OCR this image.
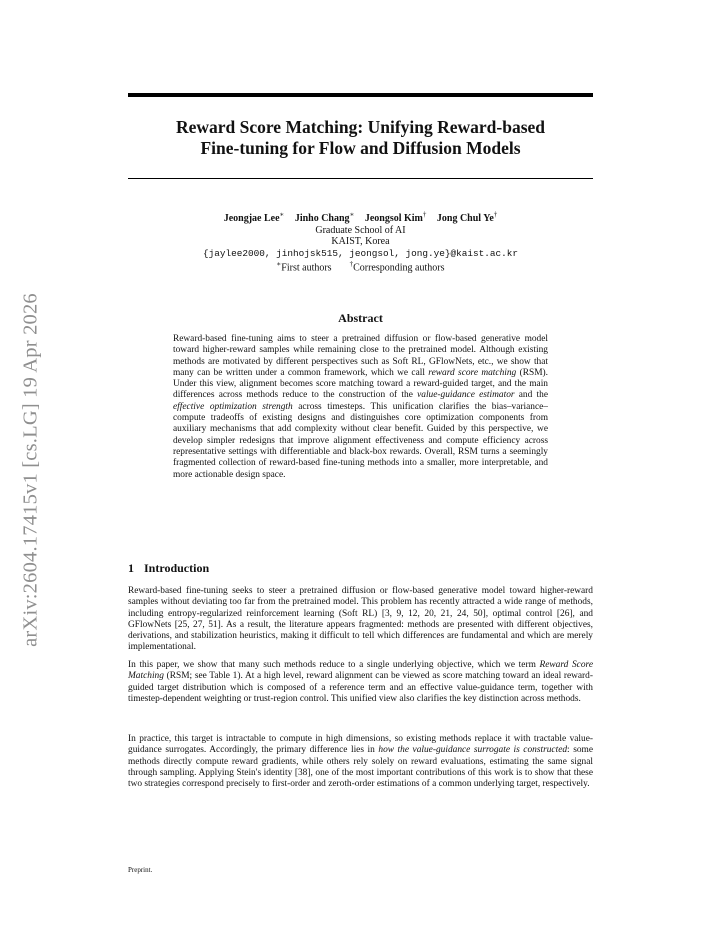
arXiv:2604.17415v1 [cs.LG] 19 Apr 2026
Reward Score Matching: Unifying Reward-based
Fine-tuning for Flow and Diffusion Models
Jeongjae Lee∗ Jinho Chang∗ Jeongsol Kim† Jong Chul Ye†
Graduate School of AI
KAIST, Korea
{jaylee2000, jinhojsk515, jeongsol, jong.ye}@kaist.ac.kr
∗First authors	†Corresponding authors
Abstract

Reward-based fine-tuning aims to steer a pretrained diffusion or flow-based generative model toward higher-reward samples while remaining close to the pretrained model. Although existing methods are motivated by different perspectives such as Soft RL, GFlowNets, etc., we show that many can be written under a common framework, which we call reward score matching (RSM). Under this view, alignment becomes score matching toward a reward-guided target, and the main differences across methods reduce to the construction of the value-guidance estimator and the effective optimization strength across timesteps. This unification clarifies the bias–variance–compute tradeoffs of existing designs and distinguishes core optimization components from auxiliary mechanisms that add complexity without clear benefit. Guided by this perspective, we develop simpler redesigns that improve alignment effectiveness and compute efficiency across representative settings with differentiable and black-box rewards. Overall, RSM turns a seemingly fragmented collection of reward-based fine-tuning methods into a smaller, more interpretable, and more actionable design space.

1 Introduction

Reward-based fine-tuning seeks to steer a pretrained diffusion or flow-based generative model toward higher-reward samples without deviating too far from the pretrained model. This problem has recently attracted a wide range of methods, including entropy-regularized reinforcement learning (Soft RL) [3, 9, 12, 20, 21, 24, 50], optimal control [26], and GFlowNets [25, 27, 51]. As a result, the literature appears fragmented: methods are presented with different objectives, derivations, and stabilization heuristics, making it difficult to tell which differences are fundamental and which are merely implementational.

In this paper, we show that many such methods reduce to a single underlying objective, which we term Reward Score Matching (RSM; see Table 1). At a high level, reward alignment can be viewed as score matching toward an ideal reward-guided target distribution which is composed of a reference term and an effective value-guidance term, together with timestep-dependent weighting or trust-region control. This unified view also clarifies the key distinction across methods.

In practice, this target is intractable to compute in high dimensions, so existing methods replace it with tractable value-guidance surrogates. Accordingly, the primary difference lies in how the value-guidance surrogate is constructed: some methods directly compute reward gradients, while others rely solely on reward evaluations, estimating the same signal through sampling. Applying Stein's identity [38], one of the most important contributions of this work is to show that these two strategies correspond precisely to first-order and zeroth-order estimations of a common underlying target, respectively.

Preprint.
